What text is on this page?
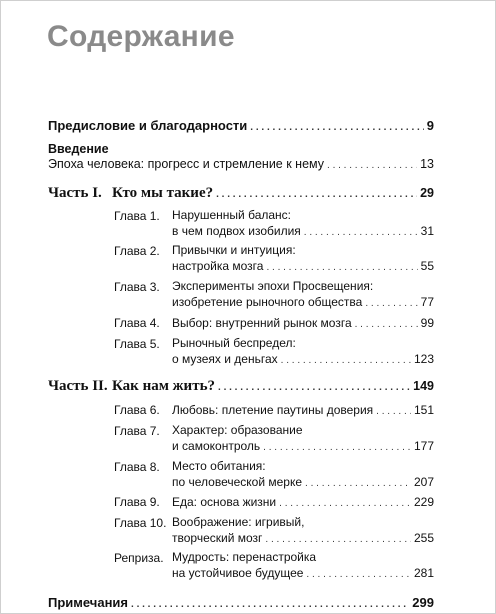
Содержание
Предисловие и благодарности . . .	9
Введение
Эпоха человека: прогресс и стремление к нему . . .	13
Часть I. Кто мы такие? . . .	29
Глава 1. Нарушенный баланс:
в чем подвох изобилия . . .	31
Глава 2. Привычки и интуиция:
настройка мозга . . .	55
Глава 3. Эксперименты эпохи Просвещения:
изобретение рыночного общества . . .	77
Глава 4. Выбор: внутренний рынок мозга . . .	99
Глава 5. Рыночный беспредел:
о музеях и деньгах . . .	123
Часть II. Как нам жить? . . .	149
Глава 6. Любовь: плетение паутины доверия . . .	151
Глава 7. Характер: образование
и самоконтроль . . .	177
Глава 8. Место обитания:
по человеческой мерке . . .	207
Глава 9. Еда: основа жизни . . .	229
Глава 10. Воображение: игривый,
творческий мозг . . .	255
Реприза. Мудрость: перенастройка
на устойчивое будущее . . .	281
Примечания . . .	299
